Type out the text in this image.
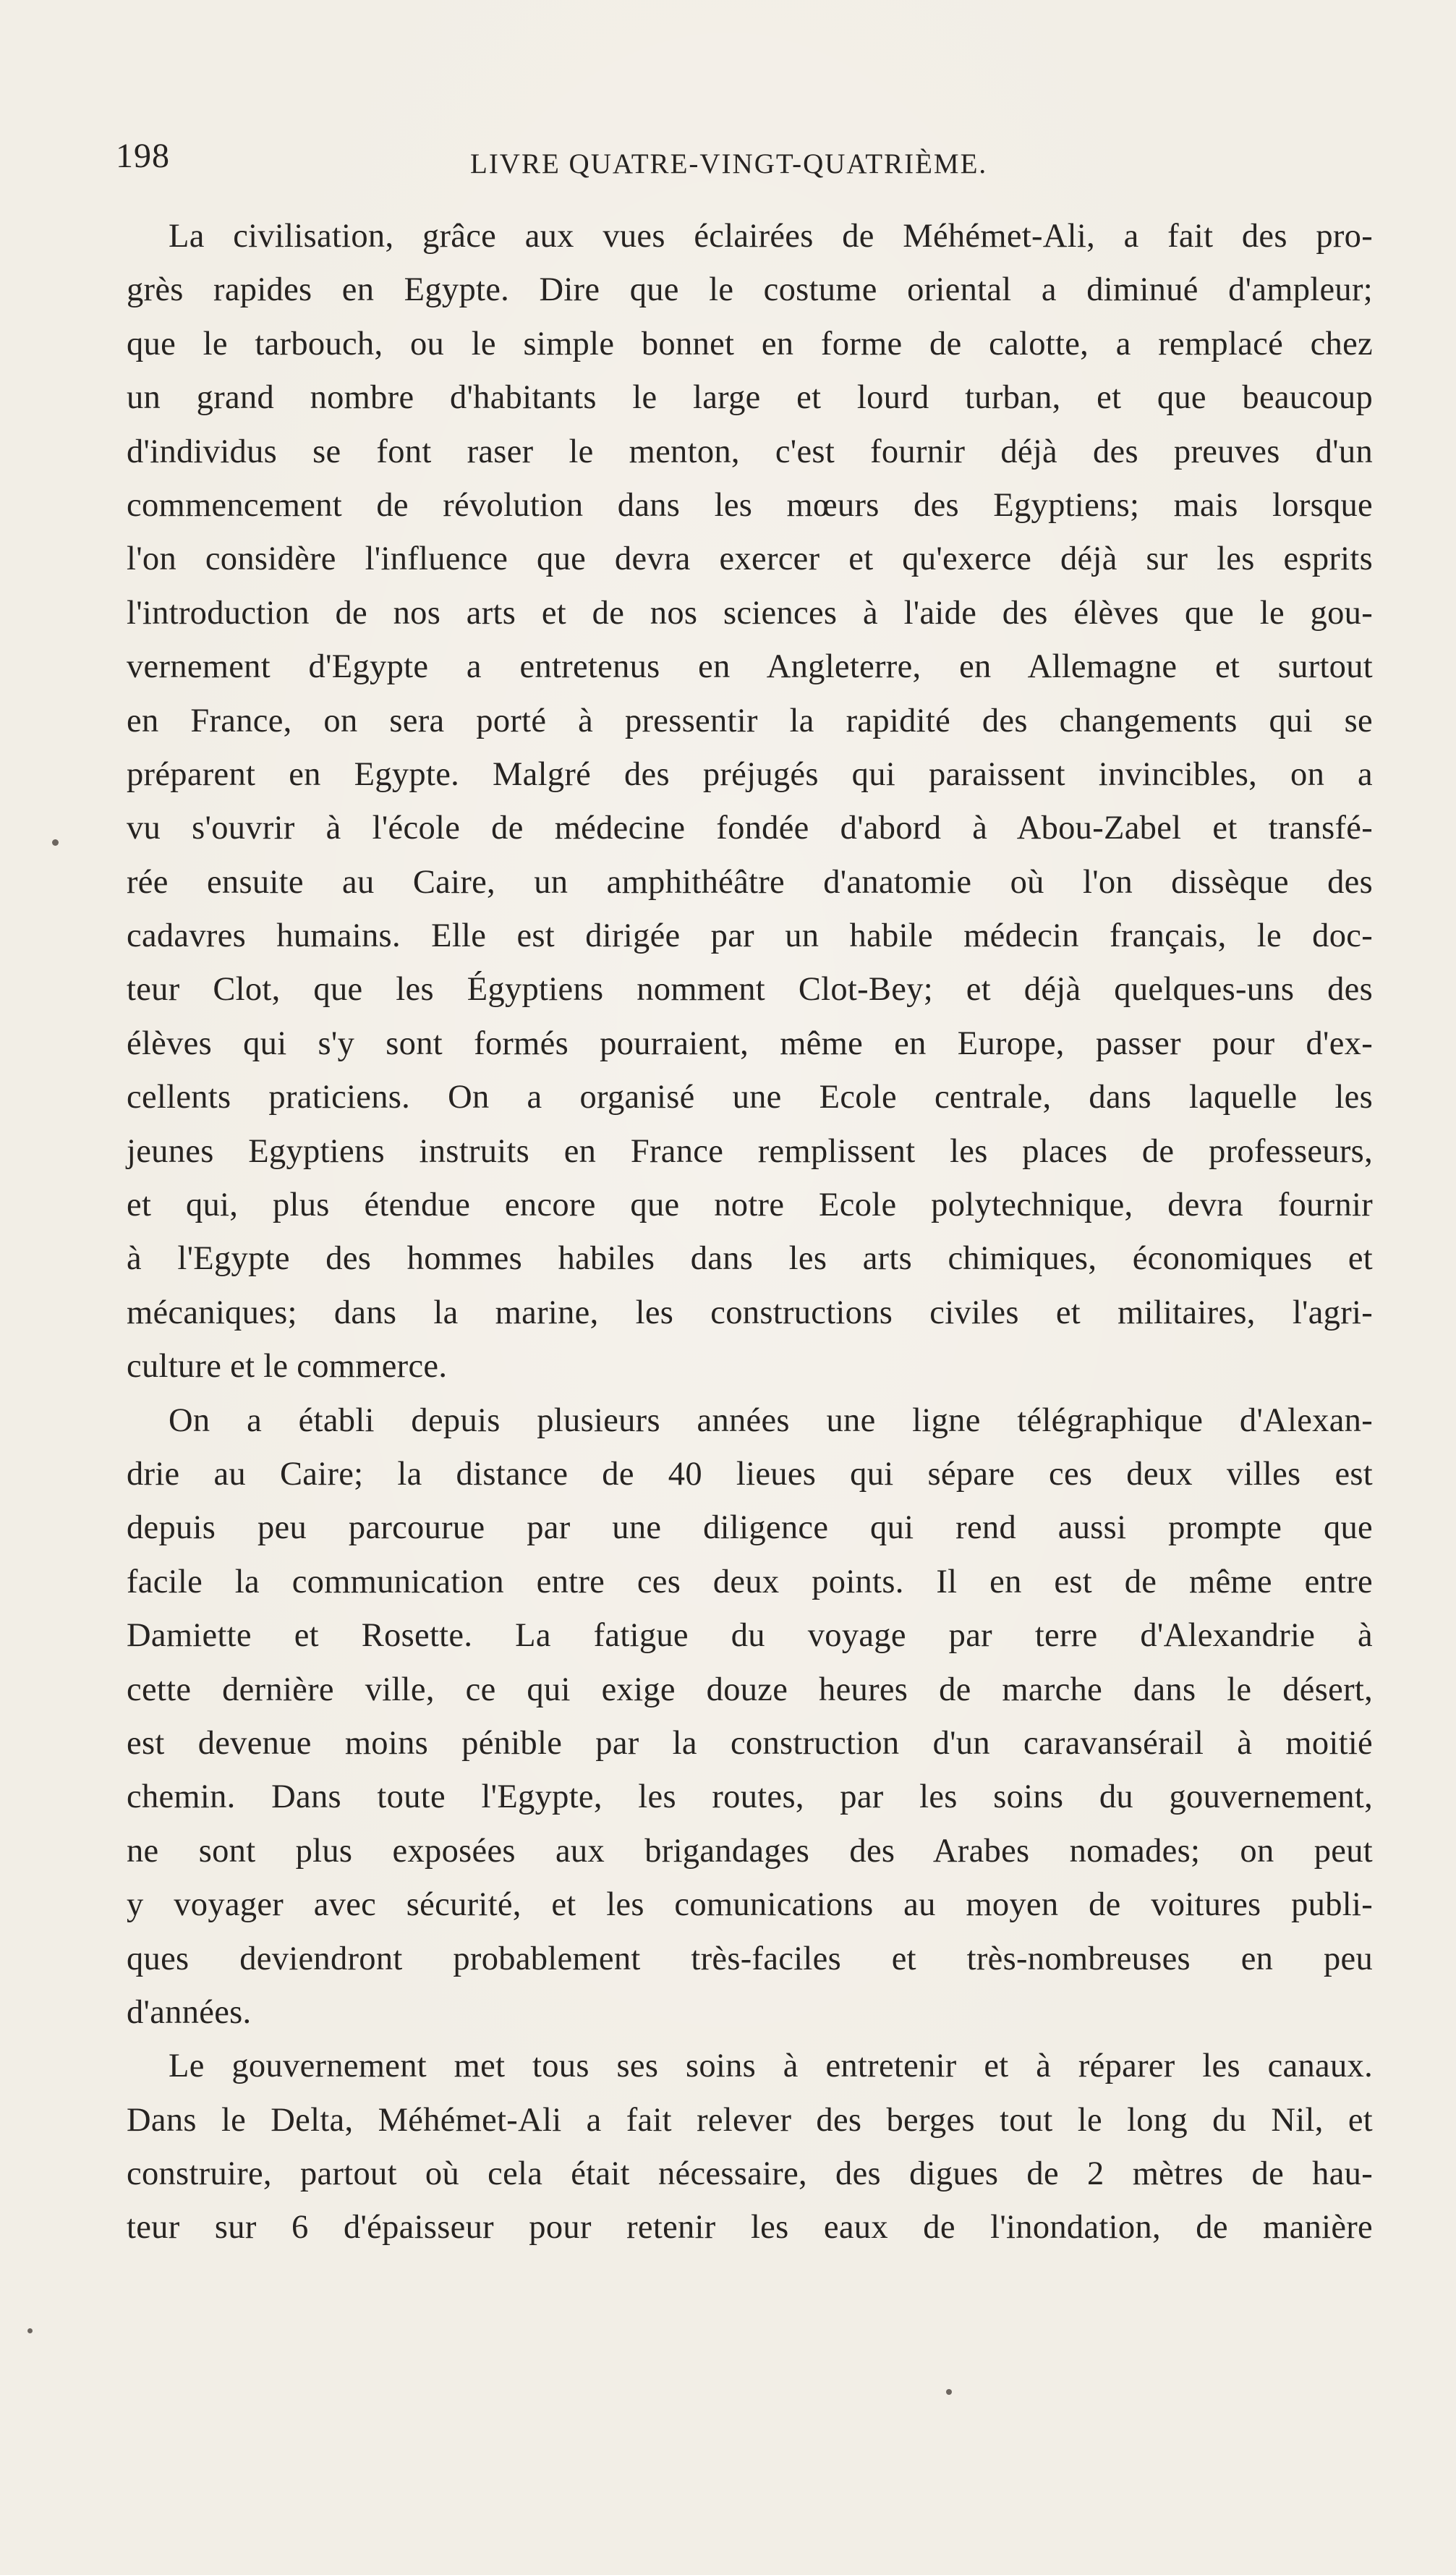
198	LIVRE QUATRE-VINGT-QUATRIÈME.
La civilisation, grâce aux vues éclairées de Méhémet-Ali, a fait des pro-
grès rapides en Egypte. Dire que le costume oriental a diminué d'ampleur;
que le tarbouch, ou le simple bonnet en forme de calotte, a remplacé chez
un grand nombre d'habitants le large et lourd turban, et que beaucoup
d'individus se font raser le menton, c'est fournir déjà des preuves d'un
commencement de révolution dans les mœurs des Egyptiens; mais lorsque
l'on considère l'influence que devra exercer et qu'exerce déjà sur les esprits
l'introduction de nos arts et de nos sciences à l'aide des élèves que le gou-
vernement d'Egypte a entretenus en Angleterre, en Allemagne et surtout
en France, on sera porté à pressentir la rapidité des changements qui se
préparent en Egypte. Malgré des préjugés qui paraissent invincibles, on a
vu s'ouvrir à l'école de médecine fondée d'abord à Abou-Zabel et transfé-
rée ensuite au Caire, un amphithéâtre d'anatomie où l'on dissèque des
cadavres humains. Elle est dirigée par un habile médecin français, le doc-
teur Clot, que les Égyptiens nomment Clot-Bey; et déjà quelques-uns des
élèves qui s'y sont formés pourraient, même en Europe, passer pour d'ex-
cellents praticiens. On a organisé une Ecole centrale, dans laquelle les
jeunes Egyptiens instruits en France remplissent les places de professeurs,
et qui, plus étendue encore que notre Ecole polytechnique, devra fournir
à l'Egypte des hommes habiles dans les arts chimiques, économiques et
mécaniques; dans la marine, les constructions civiles et militaires, l'agri-
culture et le commerce.
On a établi depuis plusieurs années une ligne télégraphique d'Alexan-
drie au Caire; la distance de 40 lieues qui sépare ces deux villes est
depuis peu parcourue par une diligence qui rend aussi prompte que
facile la communication entre ces deux points. Il en est de même entre
Damiette et Rosette. La fatigue du voyage par terre d'Alexandrie à
cette dernière ville, ce qui exige douze heures de marche dans le désert,
est devenue moins pénible par la construction d'un caravansérail à moitié
chemin. Dans toute l'Egypte, les routes, par les soins du gouvernement,
ne sont plus exposées aux brigandages des Arabes nomades; on peut
y voyager avec sécurité, et les comunications au moyen de voitures publi-
ques deviendront probablement très-faciles et très-nombreuses en peu
d'années.
Le gouvernement met tous ses soins à entretenir et à réparer les canaux.
Dans le Delta, Méhémet-Ali a fait relever des berges tout le long du Nil, et
construire, partout où cela était nécessaire, des digues de 2 mètres de hau-
teur sur 6 d'épaisseur pour retenir les eaux de l'inondation, de manière
